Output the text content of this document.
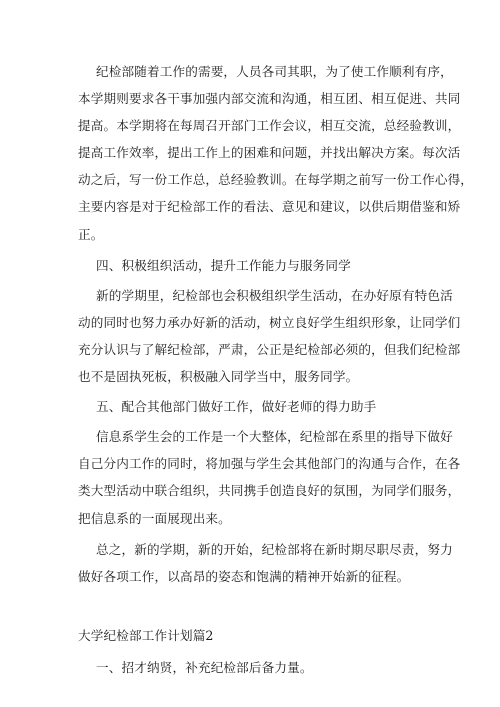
纪检部随着工作的需要，人员各司其职，为了使工作顺利有序，
本学期则要求各干事加强内部交流和沟通，相互团、相互促进、共同
提高。本学期将在每周召开部门工作会议，相互交流，总经验教训，
提高工作效率，提出工作上的困难和问题，并找出解决方案。每次活
动之后，写一份工作总，总经验教训。在每学期之前写一份工作心得，
主要内容是对于纪检部工作的看法、意见和建议，以供后期借鉴和矫
正。
四、积极组织活动，提升工作能力与服务同学
新的学期里，纪检部也会积极组织学生活动，在办好原有特色活
动的同时也努力承办好新的活动，树立良好学生组织形象，让同学们
充分认识与了解纪检部，严肃，公正是纪检部必须的，但我们纪检部
也不是固执死板，积极融入同学当中，服务同学。
五、配合其他部门做好工作，做好老师的得力助手
信息系学生会的工作是一个大整体，纪检部在系里的指导下做好
自己分内工作的同时，将加强与学生会其他部门的沟通与合作，在各
类大型活动中联合组织，共同携手创造良好的氛围，为同学们服务，
把信息系的一面展现出来。
总之，新的学期，新的开始，纪检部将在新时期尽职尽责，努力
做好各项工作，以高昂的姿态和饱满的精神开始新的征程。
大学纪检部工作计划篇2
一、招才纳贤，补充纪检部后备力量。
